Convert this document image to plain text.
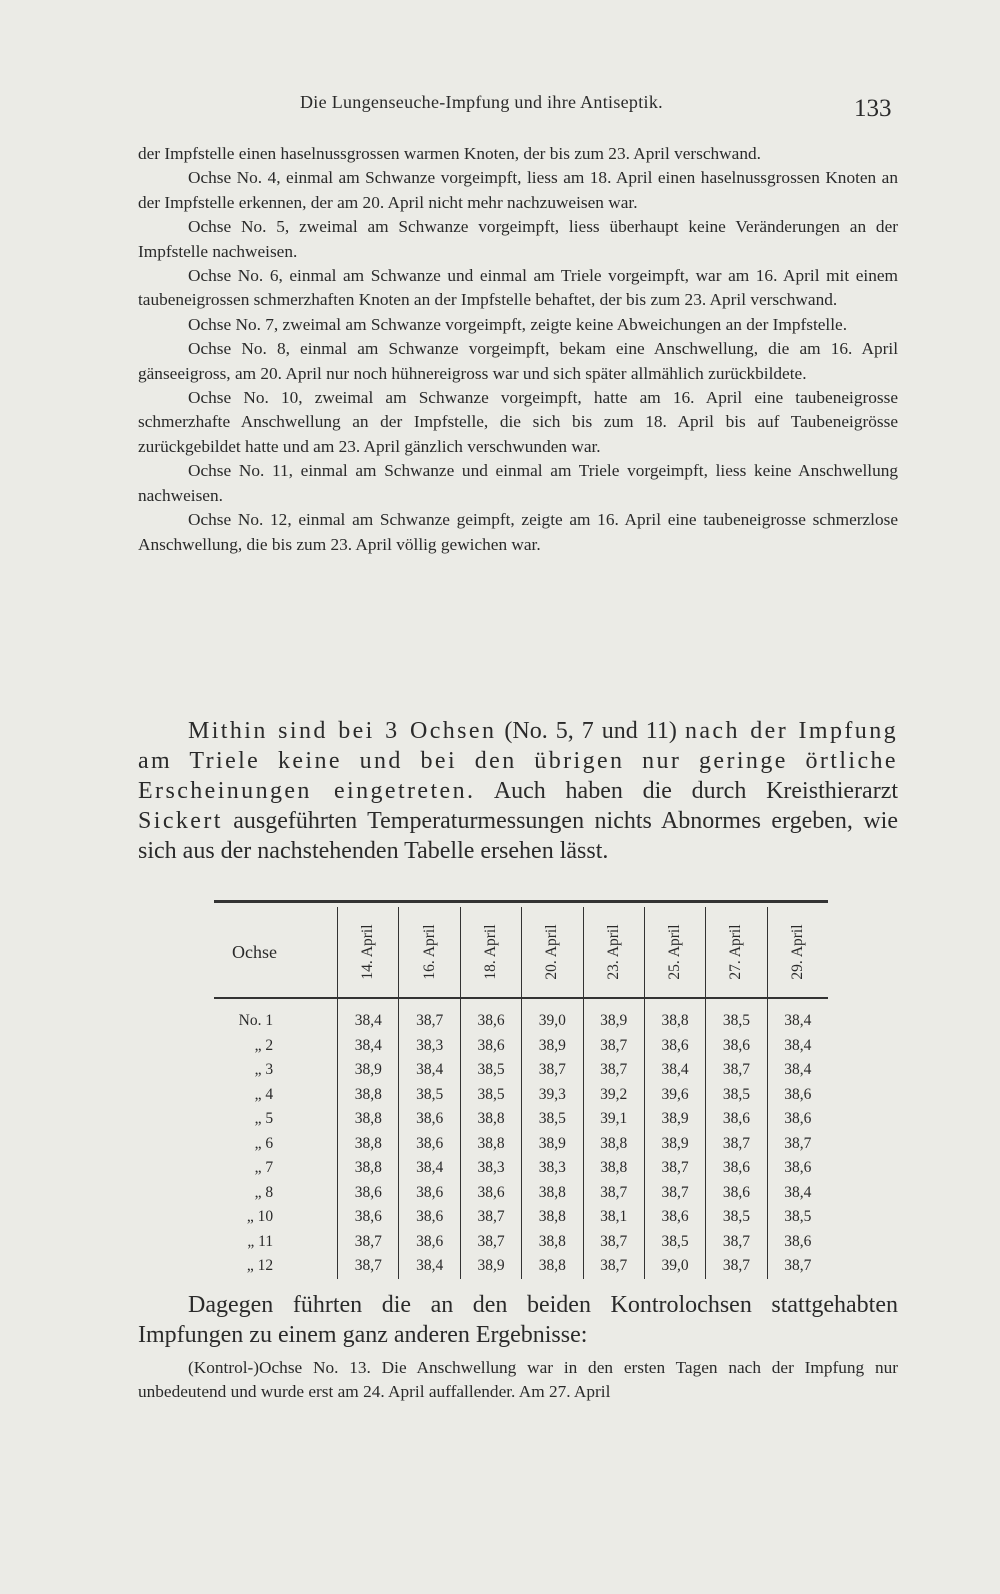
Die Lungenseuche-Impfung und ihre Antiseptik.	133

der Impfstelle einen haselnussgrossen warmen Knoten, der bis zum 23. April verschwand.

Ochse No. 4, einmal am Schwanze vorgeimpft, liess am 18. April einen haselnussgrossen Knoten an der Impfstelle erkennen, der am 20. April nicht mehr nachzuweisen war.

Ochse No. 5, zweimal am Schwanze vorgeimpft, liess überhaupt keine Veränderungen an der Impfstelle nachweisen.

Ochse No. 6, einmal am Schwanze und einmal am Triele vorgeimpft, war am 16. April mit einem taubeneigrossen schmerzhaften Knoten an der Impfstelle behaftet, der bis zum 23. April verschwand.

Ochse No. 7, zweimal am Schwanze vorgeimpft, zeigte keine Abweichungen an der Impfstelle.

Ochse No. 8, einmal am Schwanze vorgeimpft, bekam eine Anschwellung, die am 16. April gänseeigross, am 20. April nur noch hühnereigross war und sich später allmählich zurückbildete.

Ochse No. 10, zweimal am Schwanze vorgeimpft, hatte am 16. April eine taubeneigrosse schmerzhafte Anschwellung an der Impfstelle, die sich bis zum 18. April bis auf Taubeneigrösse zurückgebildet hatte und am 23. April gänzlich verschwunden war.

Ochse No. 11, einmal am Schwanze und einmal am Triele vorgeimpft, liess keine Anschwellung nachweisen.

Ochse No. 12, einmal am Schwanze geimpft, zeigte am 16. April eine taubeneigrosse schmerzlose Anschwellung, die bis zum 23. April völlig gewichen war.

Mithin sind bei 3 Ochsen (No. 5, 7 und 11) nach der Impfung am Triele keine und bei den übrigen nur geringe örtliche Erscheinungen eingetreten. Auch haben die durch Kreisthierarzt Sickert ausgeführten Temperaturmessungen nichts Abnormes ergeben, wie sich aus der nachstehenden Tabelle ersehen lässt.

Ochse	14. April	16. April	18. April	20. April	23. April	25. April	27. April	29. April

No. 1	38,4	38,7	38,6	39,0	38,9	38,8	38,5	38,4
„ 2	38,4	38,3	38,6	38,9	38,7	38,6	38,6	38,4
„ 3	38,9	38,4	38,5	38,7	38,7	38,4	38,7	38,4
„ 4	38,8	38,5	38,5	39,3	39,2	39,6	38,5	38,6
„ 5	38,8	38,6	38,8	38,5	39,1	38,9	38,6	38,6
„ 6	38,8	38,6	38,8	38,9	38,8	38,9	38,7	38,7
„ 7	38,8	38,4	38,3	38,3	38,8	38,7	38,6	38,6
„ 8	38,6	38,6	38,6	38,8	38,7	38,7	38,6	38,4
„ 10	38,6	38,6	38,7	38,8	38,1	38,6	38,5	38,5
„ 11	38,7	38,6	38,7	38,8	38,7	38,5	38,7	38,6
„ 12	38,7	38,4	38,9	38,8	38,7	39,0	38,7	38,7

Dagegen führten die an den beiden Kontrolochsen stattgehabten Impfungen zu einem ganz anderen Ergebnisse:

(Kontrol-)Ochse No. 13. Die Anschwellung war in den ersten Tagen nach der Impfung nur unbedeutend und wurde erst am 24. April auffallender. Am 27. April
